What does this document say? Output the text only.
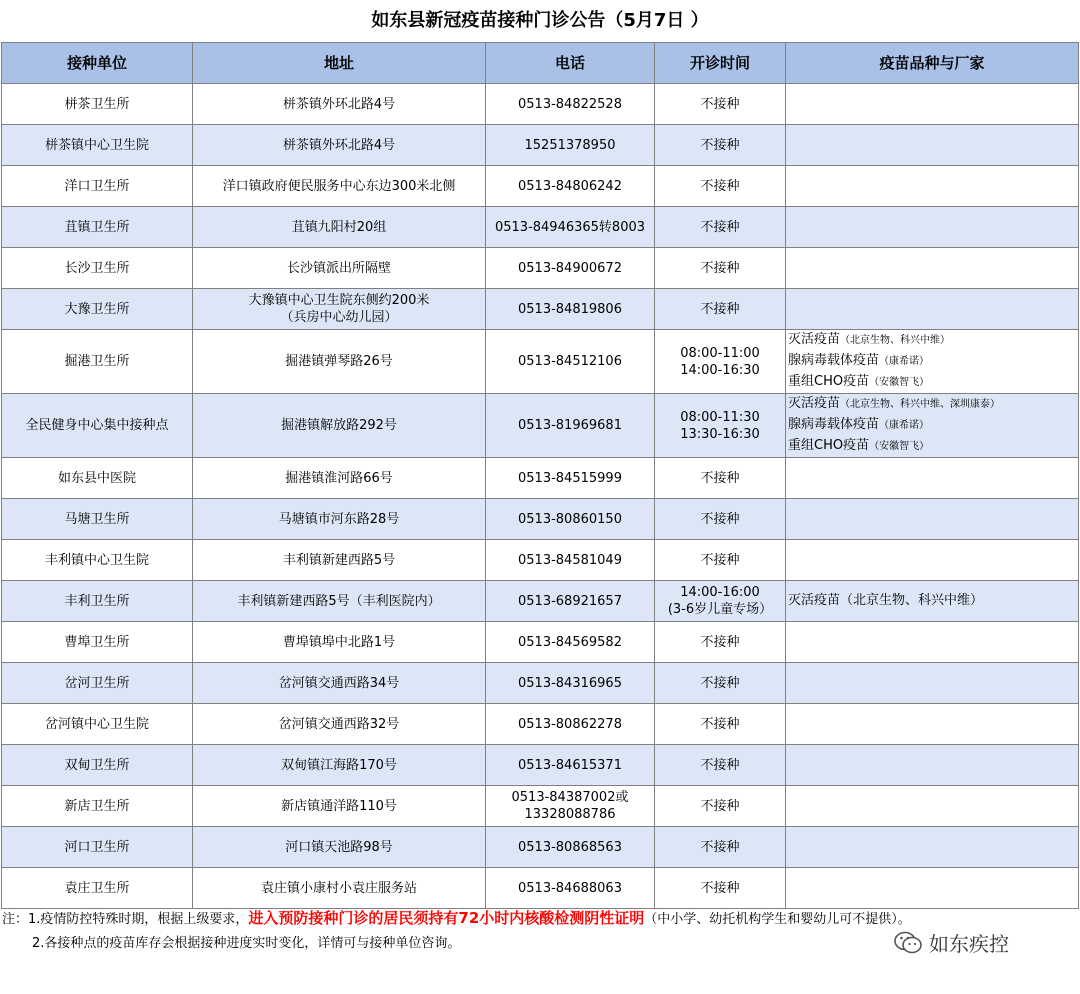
如东县新冠疫苗接种门诊公告（5月7日 ）
接种单位	地址	电话	开诊时间	疫苗品种与厂家
栟茶卫生所	栟茶镇外环北路4号	0513-84822528	不接种	

栟茶镇中心卫生院	栟茶镇外环北路4号	15251378950	不接种	

洋口卫生所	洋口镇政府便民服务中心东边300米北侧	0513-84806242	不接种	

苴镇卫生所	苴镇九阳村20组	0513-84946365转8003	不接种	

长沙卫生所	长沙镇派出所隔壁	0513-84900672	不接种	

大豫卫生所	大豫镇中心卫生院东侧约200米
（兵房中心幼儿园）	0513-84819806	不接种	

掘港卫生所	掘港镇弹琴路26号	0513-84512106	08:00-11:00
14:00-16:30	灭活疫苗（北京生物、科兴中维）
腺病毒载体疫苗（康希诺）
重组CHO疫苗（安徽智飞）

全民健身中心集中接种点	掘港镇解放路292号	0513-81969681	08:00-11:30
13:30-16:30	灭活疫苗（北京生物、科兴中维、深圳康泰）
腺病毒载体疫苗（康希诺）
重组CHO疫苗（安徽智飞）

如东县中医院	掘港镇淮河路66号	0513-84515999	不接种	

马塘卫生所	马塘镇市河东路28号	0513-80860150	不接种	

丰利镇中心卫生院	丰利镇新建西路5号	0513-84581049	不接种	

丰利卫生所	丰利镇新建西路5号（丰利医院内）	0513-68921657	14:00-16:00
(3-6岁儿童专场）	灭活疫苗（北京生物、科兴中维）

曹埠卫生所	曹埠镇埠中北路1号	0513-84569582	不接种	

岔河卫生所	岔河镇交通西路34号	0513-84316965	不接种	

岔河镇中心卫生院	岔河镇交通西路32号	0513-80862278	不接种	

双甸卫生所	双甸镇江海路170号	0513-84615371	不接种	

新店卫生所	新店镇通洋路110号	0513-84387002或
13328088786	不接种	

河口卫生所	河口镇天池路98号	0513-80868563	不接种	

袁庄卫生所	袁庄镇小康村小袁庄服务站	0513-84688063	不接种	

注：1.疫情防控特殊时期，根据上级要求，进入预防接种门诊的居民须持有72小时内核酸检测阴性证明（中小学、幼托机构学生和婴幼儿可不提供）。
2.各接种点的疫苗库存会根据接种进度实时变化，详情可与接种单位咨询。	如东疾控
